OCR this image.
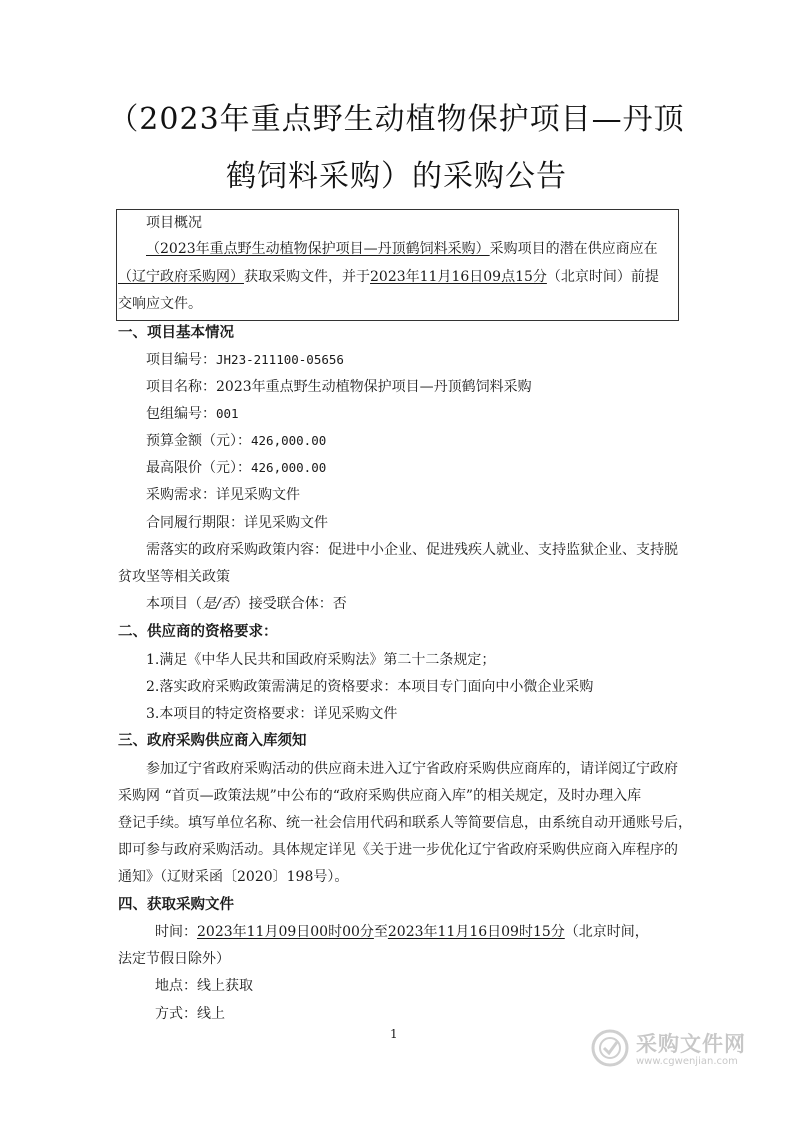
（2023年重点野生动植物保护项目—丹顶
鹤饲料采购）的采购公告
项目概况
（2023年重点野生动植物保护项目—丹顶鹤饲料采购）采购项目的潜在供应商应在
（辽宁政府采购网）获取采购文件，并于2023年11月16日09点15分（北京时间）前提
交响应文件。
一、项目基本情况
项目编号：JH23-211100-05656
项目名称：2023年重点野生动植物保护项目—丹顶鹤饲料采购
包组编号：001
预算金额（元）：426,000.00
最高限价（元）：426,000.00
采购需求：详见采购文件
合同履行期限：详见采购文件
需落实的政府采购政策内容：促进中小企业、促进残疾人就业、支持监狱企业、支持脱
贫攻坚等相关政策
本项目（是/否）接受联合体：否
二、供应商的资格要求：
1.满足《中华人民共和国政府采购法》第二十二条规定；
2.落实政府采购政策需满足的资格要求：本项目专门面向中小微企业采购
3.本项目的特定资格要求：详见采购文件
三、政府采购供应商入库须知
参加辽宁省政府采购活动的供应商未进入辽宁省政府采购供应商库的，请详阅辽宁政府
采购网 “首页—政策法规”中公布的“政府采购供应商入库”的相关规定，及时办理入库
登记手续。填写单位名称、统一社会信用代码和联系人等简要信息，由系统自动开通账号后，
即可参与政府采购活动。具体规定详见《关于进一步优化辽宁省政府采购供应商入库程序的
通知》（辽财采函〔2020〕198号）。
四、获取采购文件
时间：2023年11月09日00时00分至2023年11月16日09时15分（北京时间，
法定节假日除外）
地点：线上获取
方式：线上
1	采购文件网
www.cgwenjian.com
